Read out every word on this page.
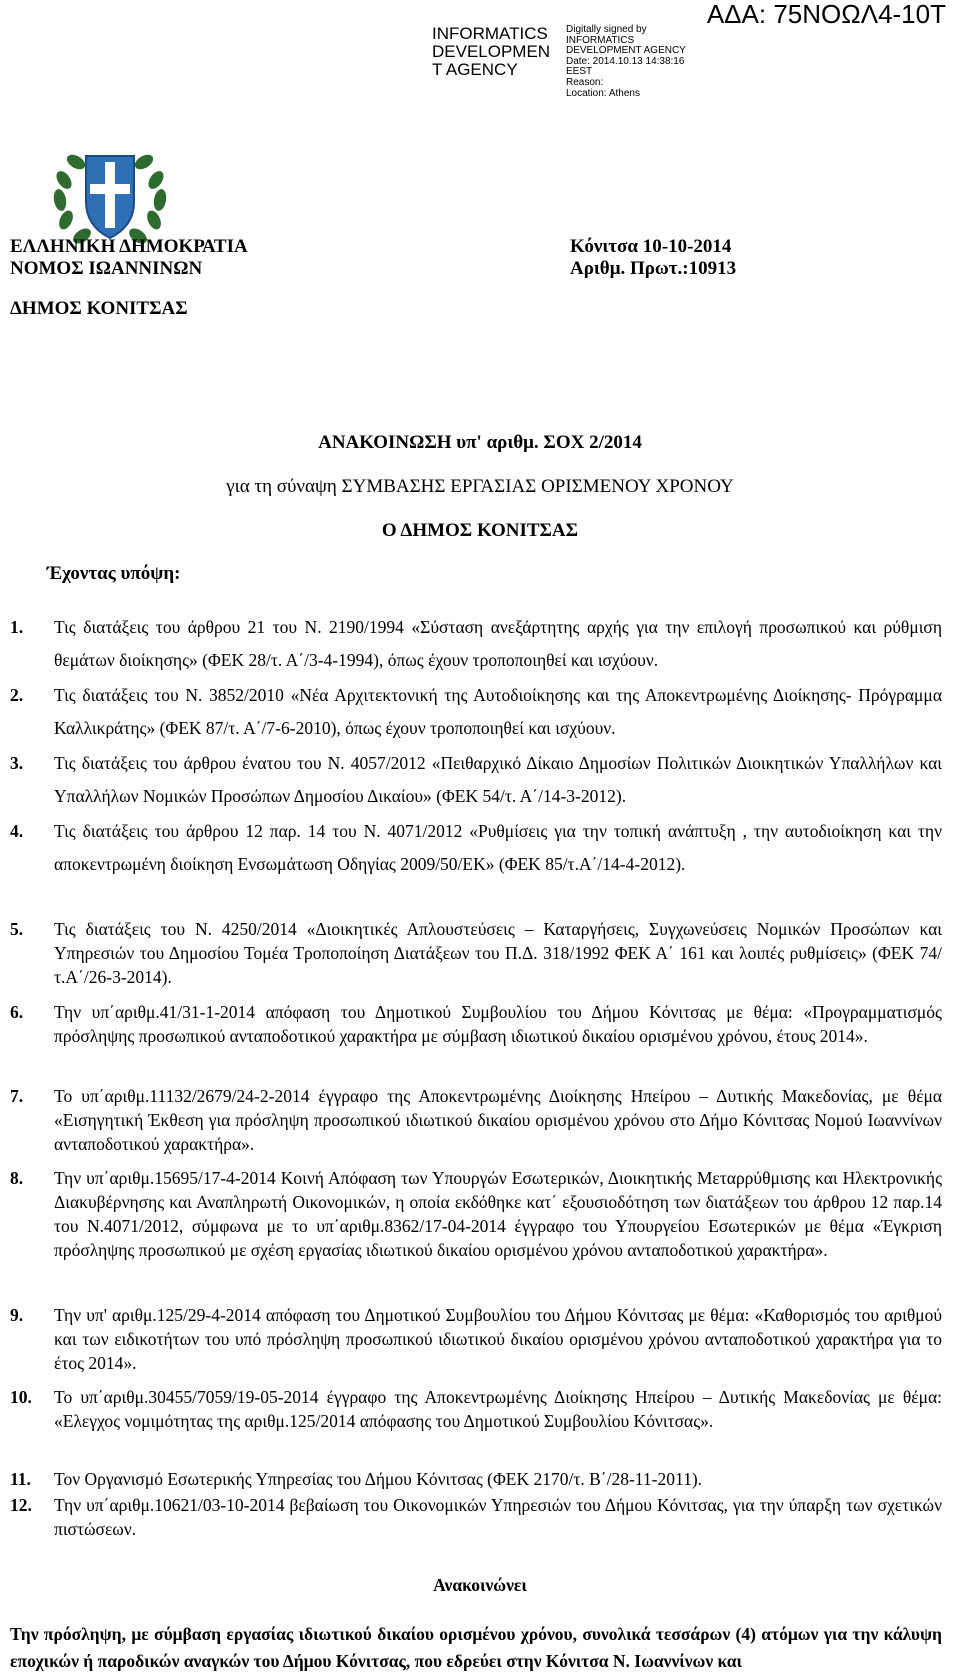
INFORMATICS
DEVELOPMEN
T AGENCY
Digitally signed by
INFORMATICS
DEVELOPMENT AGENCY
Date: 2014.10.13 14:38:16
EEST
Reason:
Location: Athens
ΑΔΑ: 75ΝΟΩΛ4-10Τ
ΕΛΛΗΝΙΚΗ ΔΗΜΟΚΡΑΤΙΑ
ΝΟΜΟΣ ΙΩΑΝΝΙΝΩΝ
ΔΗΜΟΣ ΚΟΝΙΤΣΑΣ
Κόνιτσα 10-10-2014
Αριθμ. Πρωτ.:10913
ΑΝΑΚΟΙΝΩΣΗ υπ' αριθμ. ΣΟΧ 2/2014
για τη σύναψη ΣΥΜΒΑΣΗΣ ΕΡΓΑΣΙΑΣ ΟΡΙΣΜΕΝΟΥ ΧΡΟΝΟΥ
Ο ΔΗΜΟΣ ΚΟΝΙΤΣΑΣ
Έχοντας υπόψη:
1.	Τις διατάξεις του άρθρου 21 του Ν. 2190/1994 «Σύσταση ανεξάρτητης αρχής για την επιλογή προσωπικού και ρύθμιση θεμάτων διοίκησης» (ΦΕΚ 28/τ. Α΄/3-4-1994), όπως έχουν τροποποιηθεί και ισχύουν.
2.	Τις διατάξεις του Ν. 3852/2010 «Νέα Αρχιτεκτονική της Αυτοδιοίκησης και της Αποκεντρωμένης Διοίκησης- Πρόγραμμα Καλλικράτης» (ΦΕΚ 87/τ. Α΄/7-6-2010), όπως έχουν τροποποιηθεί και ισχύουν.
3.	Τις διατάξεις του άρθρου ένατου του Ν. 4057/2012 «Πειθαρχικό Δίκαιο Δημοσίων Πολιτικών Διοικητικών Υπαλλήλων και Υπαλλήλων Νομικών Προσώπων Δημοσίου Δικαίου» (ΦΕΚ 54/τ. Α΄/14-3-2012).
4.	Τις διατάξεις του άρθρου 12 παρ. 14 του Ν. 4071/2012 «Ρυθμίσεις για την τοπική ανάπτυξη , την αυτοδιοίκηση και την αποκεντρωμένη διοίκηση Ενσωμάτωση Οδηγίας 2009/50/ΕΚ» (ΦΕΚ 85/τ.Α΄/14-4-2012).
5.	Τις διατάξεις του Ν. 4250/2014 «Διοικητικές Απλουστεύσεις – Καταργήσεις, Συγχωνεύσεις Νομικών Προσώπων και Υπηρεσιών του Δημοσίου Τομέα Τροποποίηση Διατάξεων του Π.Δ. 318/1992 ΦΕΚ Α΄ 161 και λοιπές ρυθμίσεις» (ΦΕΚ 74/τ.Α΄/26-3-2014).
6.	Την υπ΄αριθμ.41/31-1-2014 απόφαση του Δημοτικού Συμβουλίου του Δήμου Κόνιτσας με θέμα: «Προγραμματισμός πρόσληψης προσωπικού ανταποδοτικού χαρακτήρα με σύμβαση ιδιωτικού δικαίου ορισμένου χρόνου, έτους 2014».
7.	Το υπ΄αριθμ.11132/2679/24-2-2014 έγγραφο της Αποκεντρωμένης Διοίκησης Ηπείρου – Δυτικής Μακεδονίας, με θέμα «Εισηγητική Έκθεση για πρόσληψη προσωπικού ιδιωτικού δικαίου ορισμένου χρόνου στο Δήμο Κόνιτσας Νομού Ιωαννίνων ανταποδοτικού χαρακτήρα».
8.	Την υπ΄αριθμ.15695/17-4-2014 Κοινή Απόφαση των Υπουργών Εσωτερικών, Διοικητικής Μεταρρύθμισης και Ηλεκτρονικής Διακυβέρνησης και Αναπληρωτή Οικονομικών, η οποία εκδόθηκε κατ΄ εξουσιοδότηση των διατάξεων του άρθρου 12 παρ.14 του Ν.4071/2012, σύμφωνα με το υπ΄αριθμ.8362/17-04-2014 έγγραφο του Υπουργείου Εσωτερικών με θέμα «Έγκριση πρόσληψης προσωπικού με σχέση εργασίας ιδιωτικού δικαίου ορισμένου χρόνου ανταποδοτικού χαρακτήρα».
9.	Την υπ' αριθμ.125/29-4-2014 απόφαση του Δημοτικού Συμβουλίου του Δήμου Κόνιτσας με θέμα: «Καθορισμός του αριθμού και των ειδικοτήτων του υπό πρόσληψη προσωπικού ιδιωτικού δικαίου ορισμένου χρόνου ανταποδοτικού χαρακτήρα για το έτος 2014».
10.	Το υπ΄αριθμ.30455/7059/19-05-2014 έγγραφο της Αποκεντρωμένης Διοίκησης Ηπείρου – Δυτικής Μακεδονίας με θέμα: «Ελεγχος νομιμότητας της αριθμ.125/2014 απόφασης του Δημοτικού Συμβουλίου Κόνιτσας».
11.	Τον Οργανισμό Εσωτερικής Υπηρεσίας του Δήμου Κόνιτσας (ΦΕΚ 2170/τ. Β΄/28-11-2011).
12.	Την υπ΄αριθμ.10621/03-10-2014 βεβαίωση του Οικονομικών Υπηρεσιών του Δήμου Κόνιτσας, για την ύπαρξη των σχετικών πιστώσεων.
Ανακοινώνει
Την πρόσληψη, με σύμβαση εργασίας ιδιωτικού δικαίου ορισμένου χρόνου, συνολικά τεσσάρων (4) ατόμων για την κάλυψη εποχικών ή παροδικών αναγκών του Δήμου Κόνιτσας, που εδρεύει στην Κόνιτσα Ν. Ιωαννίνων και
